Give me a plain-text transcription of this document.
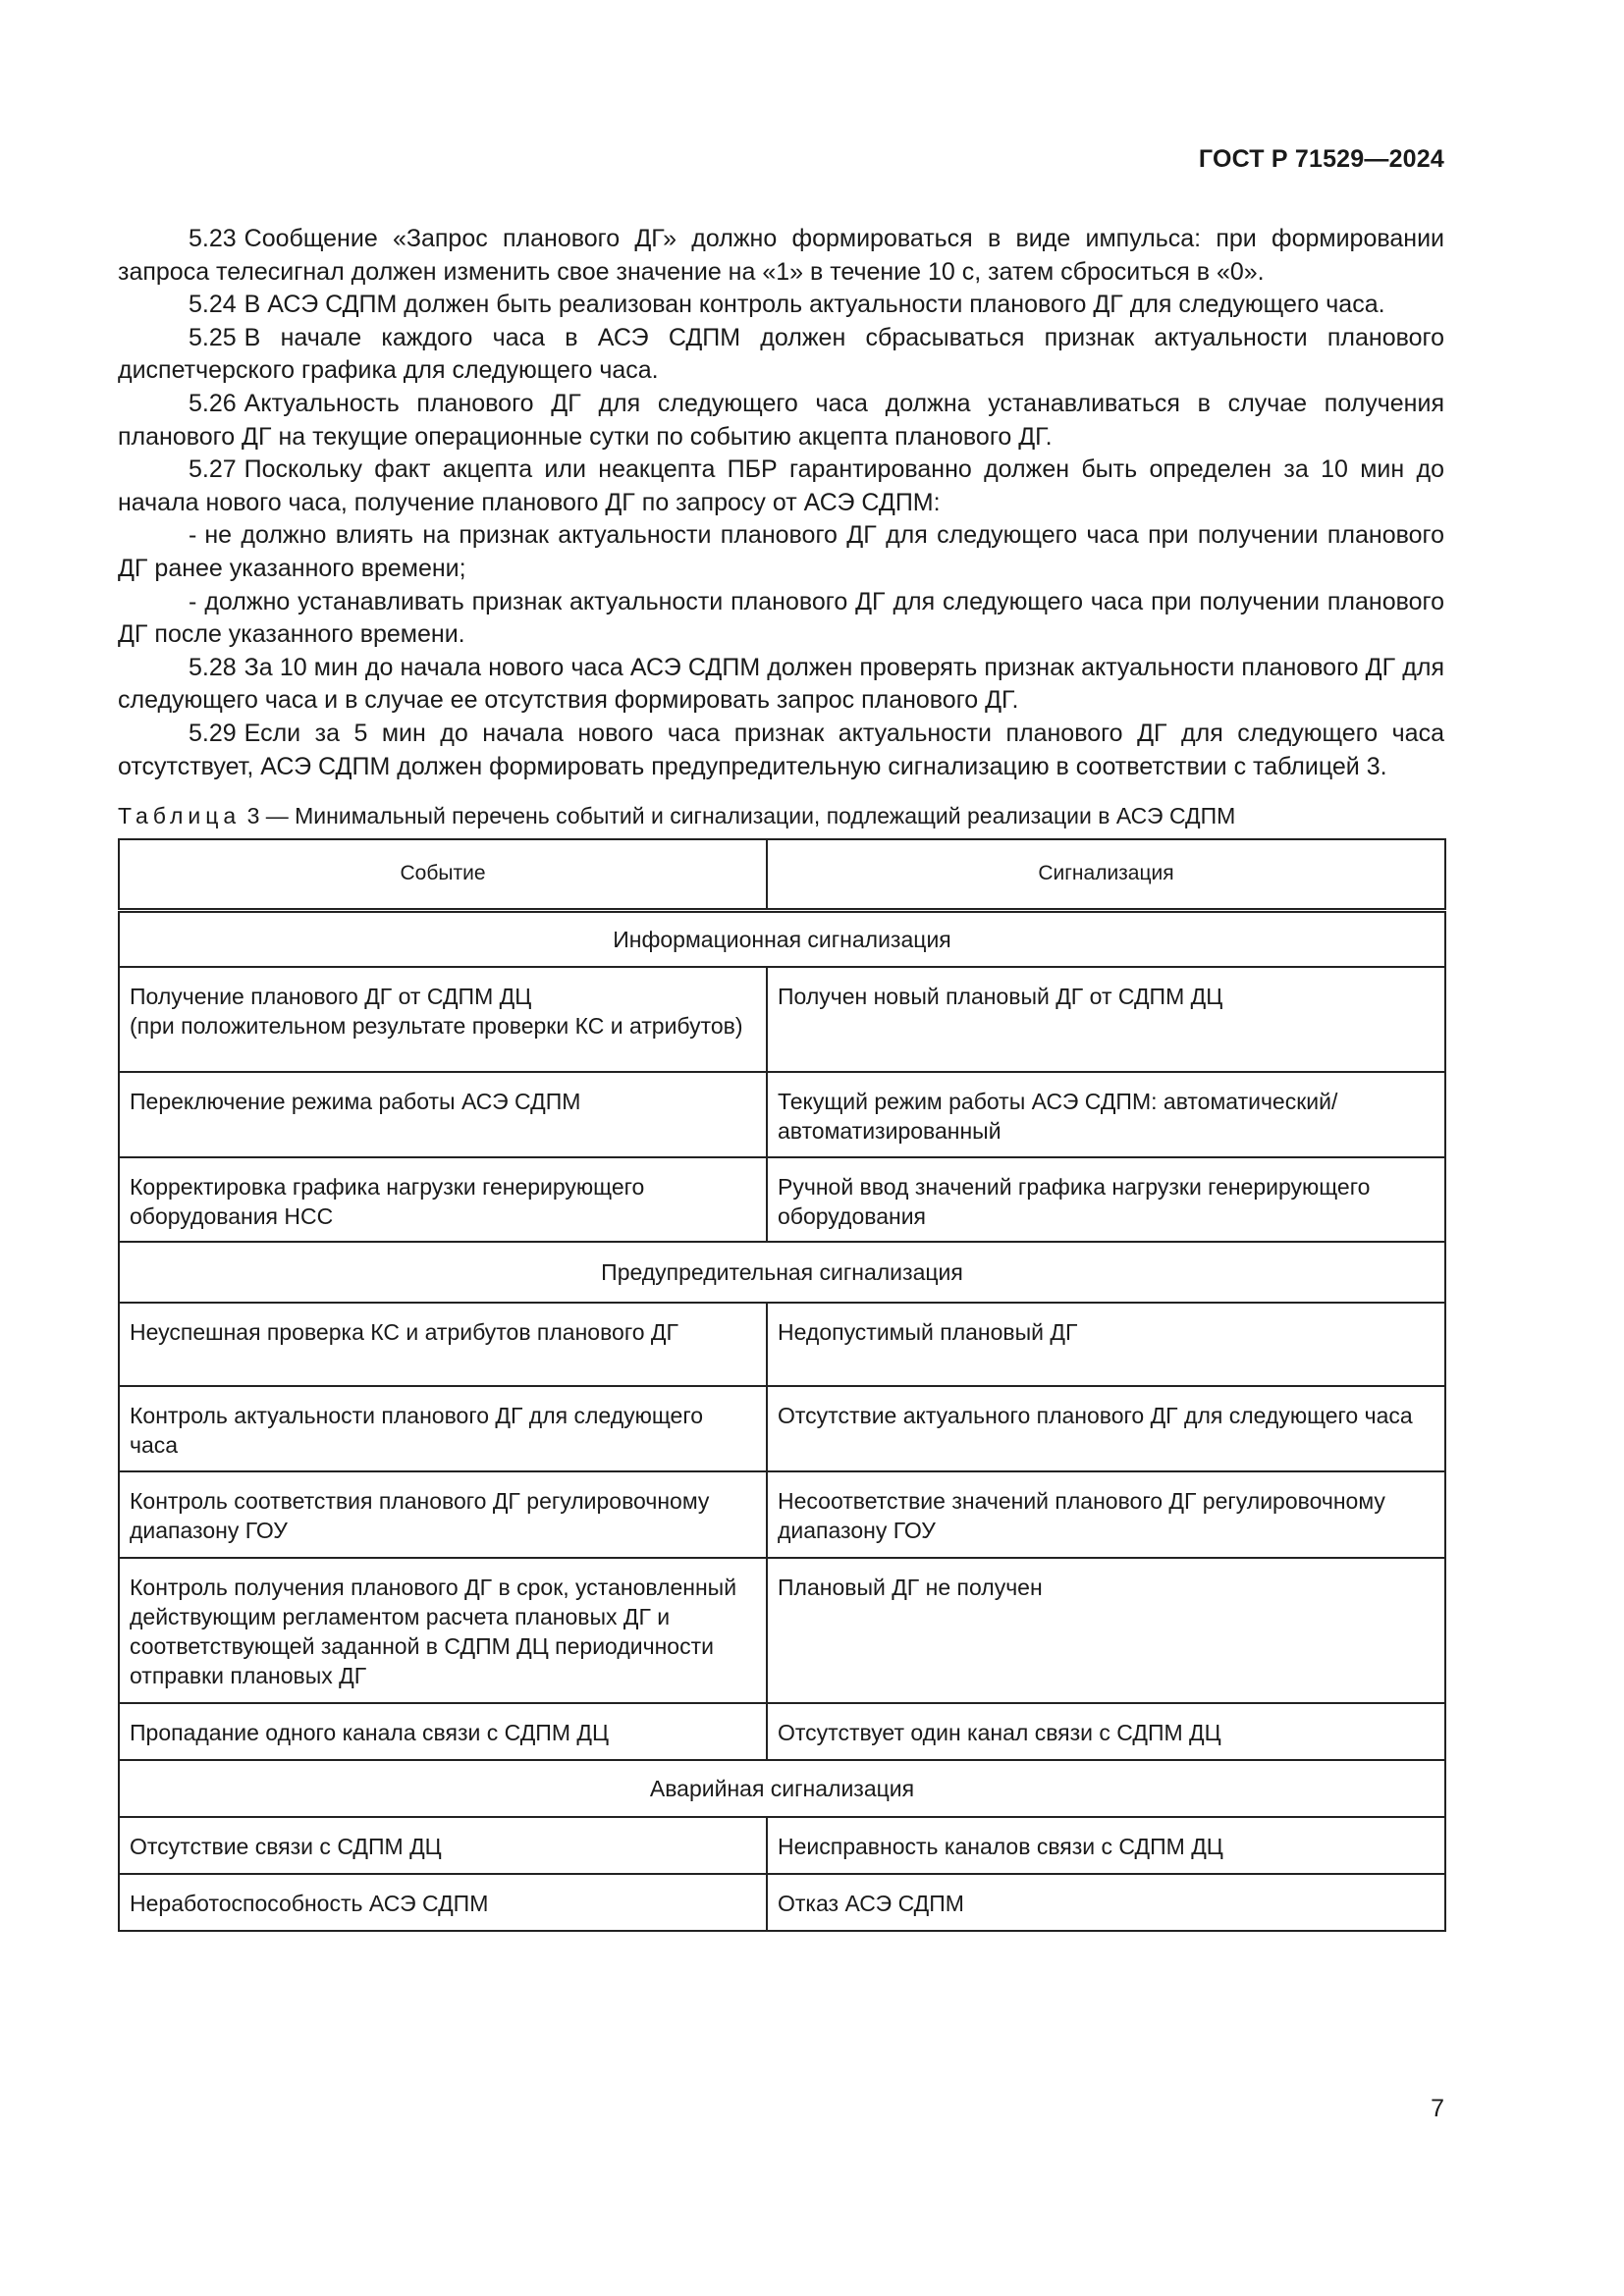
ГОСТ Р 71529—2024

5.23 Сообщение «Запрос планового ДГ» должно формироваться в виде импульса: при формировании запроса телесигнал должен изменить свое значение на «1» в течение 10 с, затем сброситься в «0».

5.24 В АСЭ СДПМ должен быть реализован контроль актуальности планового ДГ для следующего часа.

5.25 В начале каждого часа в АСЭ СДПМ должен сбрасываться признак актуальности планового диспетчерского графика для следующего часа.

5.26 Актуальность планового ДГ для следующего часа должна устанавливаться в случае получения планового ДГ на текущие операционные сутки по событию акцепта планового ДГ.

5.27 Поскольку факт акцепта или неакцепта ПБР гарантированно должен быть определен за 10 мин до начала нового часа, получение планового ДГ по запросу от АСЭ СДПМ:

- не должно влиять на признак актуальности планового ДГ для следующего часа при получении планового ДГ ранее указанного времени;

- должно устанавливать признак актуальности планового ДГ для следующего часа при получении планового ДГ после указанного времени.

5.28 За 10 мин до начала нового часа АСЭ СДПМ должен проверять признак актуальности планового ДГ для следующего часа и в случае ее отсутствия формировать запрос планового ДГ.

5.29 Если за 5 мин до начала нового часа признак актуальности планового ДГ для следующего часа отсутствует, АСЭ СДПМ должен формировать предупредительную сигнализацию в соответствии с таблицей 3.

Таблица 3 — Минимальный перечень событий и сигнализации, подлежащий реализации в АСЭ СДПМ
Событие	Сигнализация
Информационная сигнализация	
Получение планового ДГ от СДПМ ДЦ
(при положительном результате проверки КС и атрибутов)	Получен новый плановый ДГ от СДПМ ДЦ
Переключение режима работы АСЭ СДПМ	Текущий режим работы АСЭ СДПМ: автоматический/ автоматизированный
Корректировка графика нагрузки генерирующего оборудования НСС	Ручной ввод значений графика нагрузки генерирующего оборудования
Предупредительная сигнализация	
Неуспешная проверка КС и атрибутов планового ДГ	Недопустимый плановый ДГ
Контроль актуальности планового ДГ для следующего часа	Отсутствие актуального планового ДГ для следующего часа
Контроль соответствия планового ДГ регулировочному диапазону ГОУ	Несоответствие значений планового ДГ регулировочному диапазону ГОУ
Контроль получения планового ДГ в срок, установленный действующим регламентом расчета плановых ДГ и соответствующей заданной в СДПМ ДЦ периодичности отправки плановых ДГ	Плановый ДГ не получен
Пропадание одного канала связи с СДПМ ДЦ	Отсутствует один канал связи с СДПМ ДЦ
Аварийная сигнализация	
Отсутствие связи с СДПМ ДЦ	Неисправность каналов связи с СДПМ ДЦ
Неработоспособность АСЭ СДПМ	Отказ АСЭ СДПМ
7
